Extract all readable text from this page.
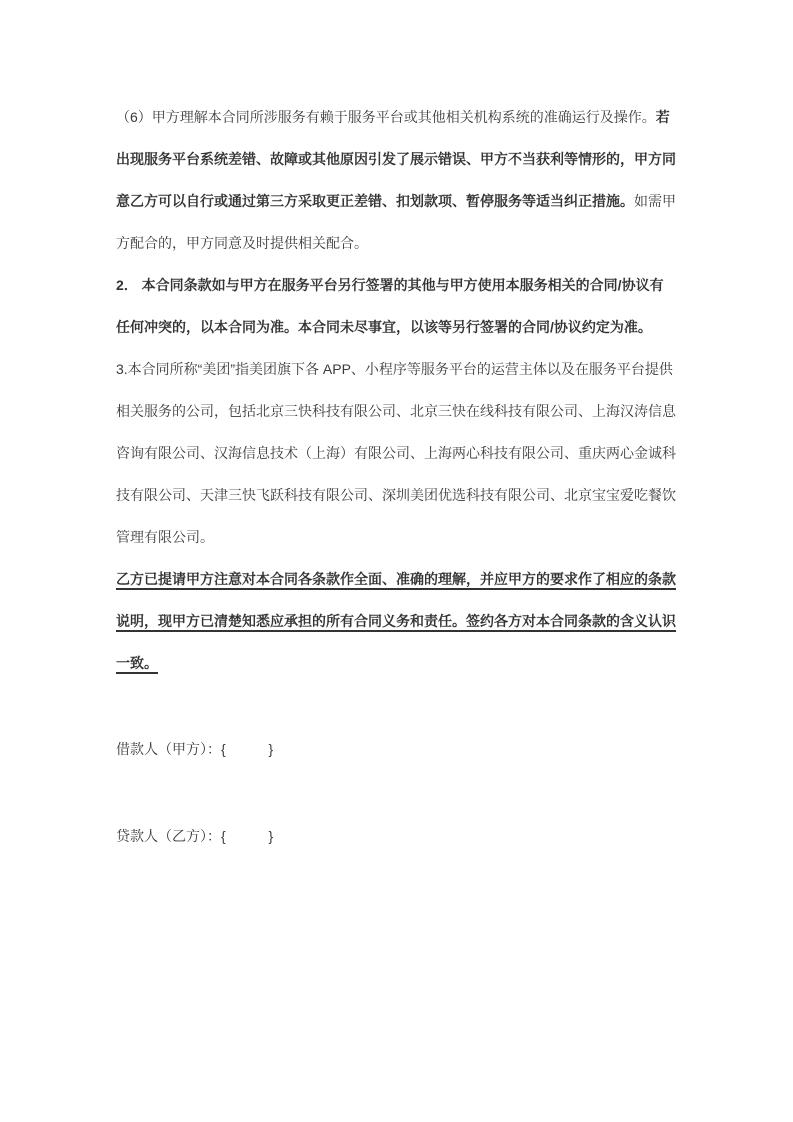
（6）甲方理解本合同所涉服务有赖于服务平台或其他相关机构系统的准确运行及操作。若出现服务平台系统差错、故障或其他原因引发了展示错误、甲方不当获利等情形的，甲方同意乙方可以自行或通过第三方采取更正差错、扣划款项、暂停服务等适当纠正措施。如需甲方配合的，甲方同意及时提供相关配合。

2． 本合同条款如与甲方在服务平台另行签署的其他与甲方使用本服务相关的合同/协议有任何冲突的，以本合同为准。本合同未尽事宜，以该等另行签署的合同/协议约定为准。

3.本合同所称“美团”指美团旗下各 APP、小程序等服务平台的运营主体以及在服务平台提供相关服务的公司，包括北京三快科技有限公司、北京三快在线科技有限公司、上海汉涛信息咨询有限公司、汉海信息技术（上海）有限公司、上海两心科技有限公司、重庆两心金诚科技有限公司、天津三快飞跃科技有限公司、深圳美团优选科技有限公司、北京宝宝爱吃餐饮管理有限公司。

乙方已提请甲方注意对本合同各条款作全面、准确的理解，并应甲方的要求作了相应的条款说明，现甲方已清楚知悉应承担的所有合同义务和责任。签约各方对本合同条款的含义认识一致。

借款人（甲方）：{           }

贷款人（乙方）：{           }
